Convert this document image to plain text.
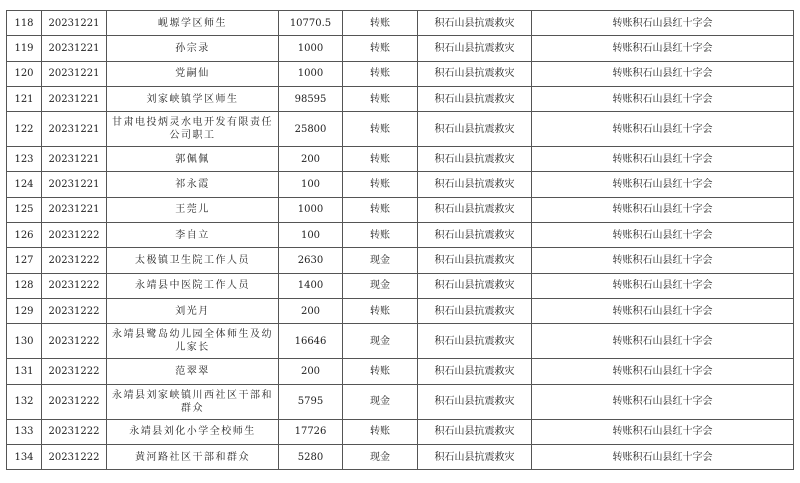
118	20231221	岘塬学区师生	10770.5	转账	积石山县抗震救灾	转账积石山县红十字会
119	20231221	孙宗录	1000	转账	积石山县抗震救灾	转账积石山县红十字会
120	20231221	党嗣仙	1000	转账	积石山县抗震救灾	转账积石山县红十字会
121	20231221	刘家峡镇学区师生	98595	转账	积石山县抗震救灾	转账积石山县红十字会
122	20231221	甘肃电投炳灵水电开发有限责任公司职工	25800	转账	积石山县抗震救灾	转账积石山县红十字会
123	20231221	郭佩佩	200	转账	积石山县抗震救灾	转账积石山县红十字会
124	20231221	祁永霞	100	转账	积石山县抗震救灾	转账积石山县红十字会
125	20231221	王莞儿	1000	转账	积石山县抗震救灾	转账积石山县红十字会
126	20231222	李自立	100	转账	积石山县抗震救灾	转账积石山县红十字会
127	20231222	太极镇卫生院工作人员	2630	现金	积石山县抗震救灾	转账积石山县红十字会
128	20231222	永靖县中医院工作人员	1400	现金	积石山县抗震救灾	转账积石山县红十字会
129	20231222	刘光月	200	转账	积石山县抗震救灾	转账积石山县红十字会
130	20231222	永靖县鹭岛幼儿园全体师生及幼儿家长	16646	现金	积石山县抗震救灾	转账积石山县红十字会
131	20231222	范翠翠	200	转账	积石山县抗震救灾	转账积石山县红十字会
132	20231222	永靖县刘家峡镇川西社区干部和群众	5795	现金	积石山县抗震救灾	转账积石山县红十字会
133	20231222	永靖县刘化小学全校师生	17726	转账	积石山县抗震救灾	转账积石山县红十字会
134	20231222	黄河路社区干部和群众	5280	现金	积石山县抗震救灾	转账积石山县红十字会
